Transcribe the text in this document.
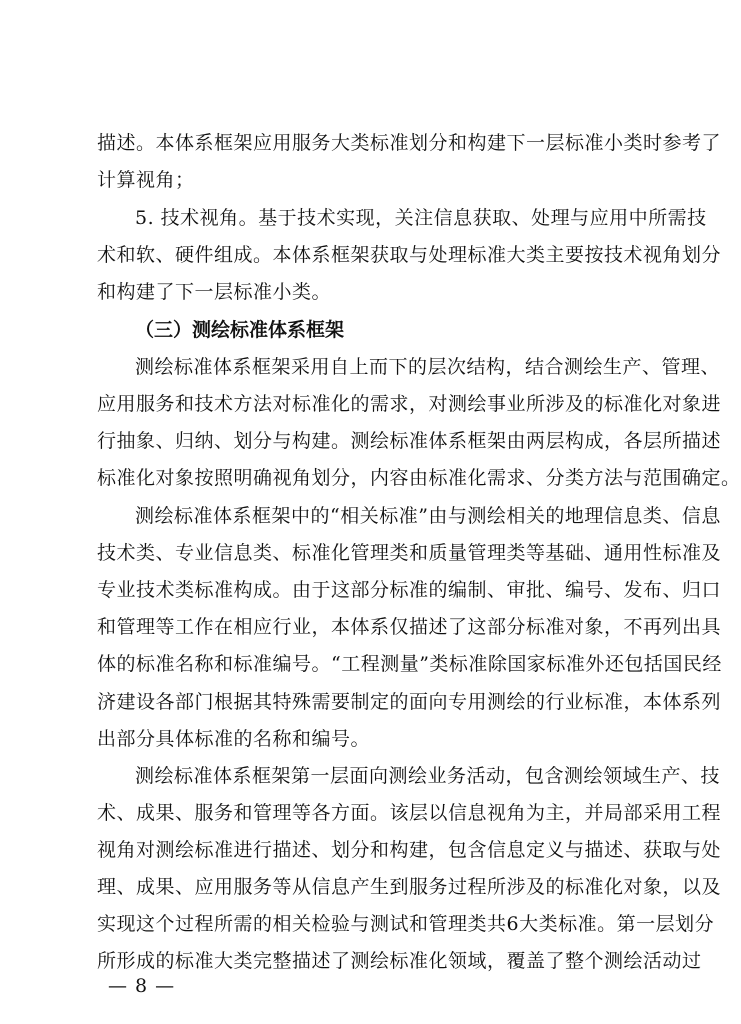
描述。本体系框架应用服务大类标准划分和构建下一层标准小类时参考了
计算视角；
5. 技术视角。基于技术实现，关注信息获取、处理与应用中所需技
术和软、硬件组成。本体系框架获取与处理标准大类主要按技术视角划分
和构建了下一层标准小类。
（三）测绘标准体系框架
测绘标准体系框架采用自上而下的层次结构，结合测绘生产、管理、
应用服务和技术方法对标准化的需求，对测绘事业所涉及的标准化对象进
行抽象、归纳、划分与构建。测绘标准体系框架由两层构成，各层所描述
标准化对象按照明确视角划分，内容由标准化需求、分类方法与范围确定。
测绘标准体系框架中的“相关标准”由与测绘相关的地理信息类、信息
技术类、专业信息类、标准化管理类和质量管理类等基础、通用性标准及
专业技术类标准构成。由于这部分标准的编制、审批、编号、发布、归口
和管理等工作在相应行业，本体系仅描述了这部分标准对象，不再列出具
体的标准名称和标准编号。“工程测量”类标准除国家标准外还包括国民经
济建设各部门根据其特殊需要制定的面向专用测绘的行业标准，本体系列
出部分具体标准的名称和编号。
测绘标准体系框架第一层面向测绘业务活动，包含测绘领域生产、技
术、成果、服务和管理等各方面。该层以信息视角为主，并局部采用工程
视角对测绘标准进行描述、划分和构建，包含信息定义与描述、获取与处
理、成果、应用服务等从信息产生到服务过程所涉及的标准化对象，以及
实现这个过程所需的相关检验与测试和管理类共6大类标准。第一层划分
所形成的标准大类完整描述了测绘标准化领域，覆盖了整个测绘活动过
— 8 —
